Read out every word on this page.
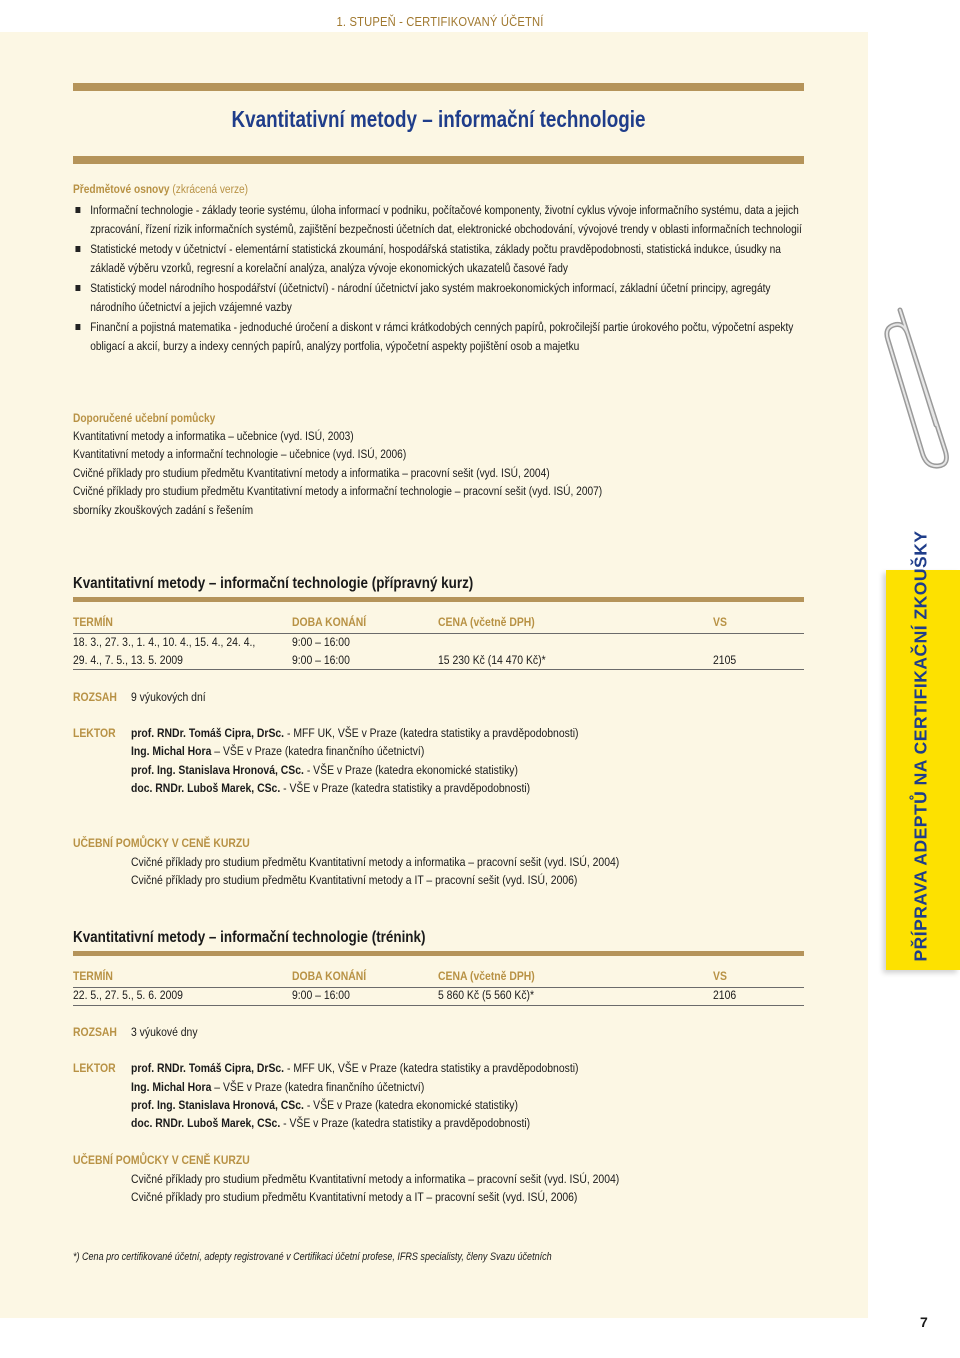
1. STUPEŇ - CERTIFIKOVANÝ ÚČETNÍ
Kvantitativní metody – informační technologie
Předmětové osnovy (zkrácená verze)
Informační technologie - základy teorie systému, úloha informací v podniku, počítačové komponenty, životní cyklus vývoje informačního systému, data a jejich zpracování, řízení rizik informačních systémů, zajištění bezpečnosti účetních dat, elektronické obchodování, vývojové trendy v oblasti informačních technologií
Statistické metody v účetnictví - elementární statistická zkoumání, hospodářská statistika, základy počtu pravděpodobnosti, statistická indukce, úsudky na základě výběru vzorků, regresní a korelační analýza, analýza vývoje ekonomických ukazatelů časové řady
Statistický model národního hospodářství (účetnictví) - národní účetnictví jako systém makroekonomických informací, základní účetní principy, agregáty národního účetnictví a jejich vzájemné vazby
Finanční a pojistná matematika - jednoduché úročení a diskont v rámci krátkodobých cenných papírů, pokročilejší partie úrokového počtu, výpočetní aspekty obligací a akcií, burzy a indexy cenných papírů, analýzy portfolia, výpočetní aspekty pojištění osob a majetku
Doporučené učební pomůcky
Kvantitativní metody a informatika – učebnice (vyd. ISÚ, 2003)
Kvantitativní metody a informační technologie – učebnice (vyd. ISÚ, 2006)
Cvičné příklady pro studium předmětu Kvantitativní metody a informatika – pracovní sešit (vyd. ISÚ, 2004)
Cvičné příklady pro studium předmětu Kvantitativní metody a informační technologie – pracovní sešit (vyd. ISÚ, 2007)
sborníky zkouškových zadání s řešením
Kvantitativní metody – informační technologie (přípravný kurz)
TERMÍN	DOBA KONÁNÍ	CENA (včetně DPH)	VS
18. 3., 27. 3., 1. 4., 10. 4., 15. 4., 24. 4.,	9:00 – 16:00
29. 4., 7. 5., 13. 5. 2009	9:00 – 16:00	15 230 Kč (14 470 Kč)*	2105
ROZSAH 9 výukových dní
LEKTOR prof. RNDr. Tomáš Cipra, DrSc. - MFF UK, VŠE v Praze (katedra statistiky a pravděpodobnosti)
Ing. Michal Hora – VŠE v Praze (katedra finančního účetnictví)
prof. Ing. Stanislava Hronová, CSc. - VŠE v Praze (katedra ekonomické statistiky)
doc. RNDr. Luboš Marek, CSc. - VŠE v Praze (katedra statistiky a pravděpodobnosti)
UČEBNÍ POMŮCKY V CENĚ KURZU
Cvičné příklady pro studium předmětu Kvantitativní metody a informatika – pracovní sešit (vyd. ISÚ, 2004)
Cvičné příklady pro studium předmětu Kvantitativní metody a IT – pracovní sešit (vyd. ISÚ, 2006)
Kvantitativní metody – informační technologie (trénink)
TERMÍN	DOBA KONÁNÍ	CENA (včetně DPH)	VS
22. 5., 27. 5., 5. 6. 2009	9:00 – 16:00	5 860 Kč (5 560 Kč)*	2106
ROZSAH 3 výukové dny
LEKTOR prof. RNDr. Tomáš Cipra, DrSc. - MFF UK, VŠE v Praze (katedra statistiky a pravděpodobnosti)
Ing. Michal Hora – VŠE v Praze (katedra finančního účetnictví)
prof. Ing. Stanislava Hronová, CSc. - VŠE v Praze (katedra ekonomické statistiky)
doc. RNDr. Luboš Marek, CSc. - VŠE v Praze (katedra statistiky a pravděpodobnosti)
UČEBNÍ POMŮCKY V CENĚ KURZU
Cvičné příklady pro studium předmětu Kvantitativní metody a informatika – pracovní sešit (vyd. ISÚ, 2004)
Cvičné příklady pro studium předmětu Kvantitativní metody a IT – pracovní sešit (vyd. ISÚ, 2006)
*) Cena pro certifikované účetní, adepty registrované v Certifikaci účetní profese, IFRS specialisty, členy Svazu účetních
PŘÍPRAVA ADEPTŮ NA CERTIFIKAČNÍ ZKOUŠKY
7
